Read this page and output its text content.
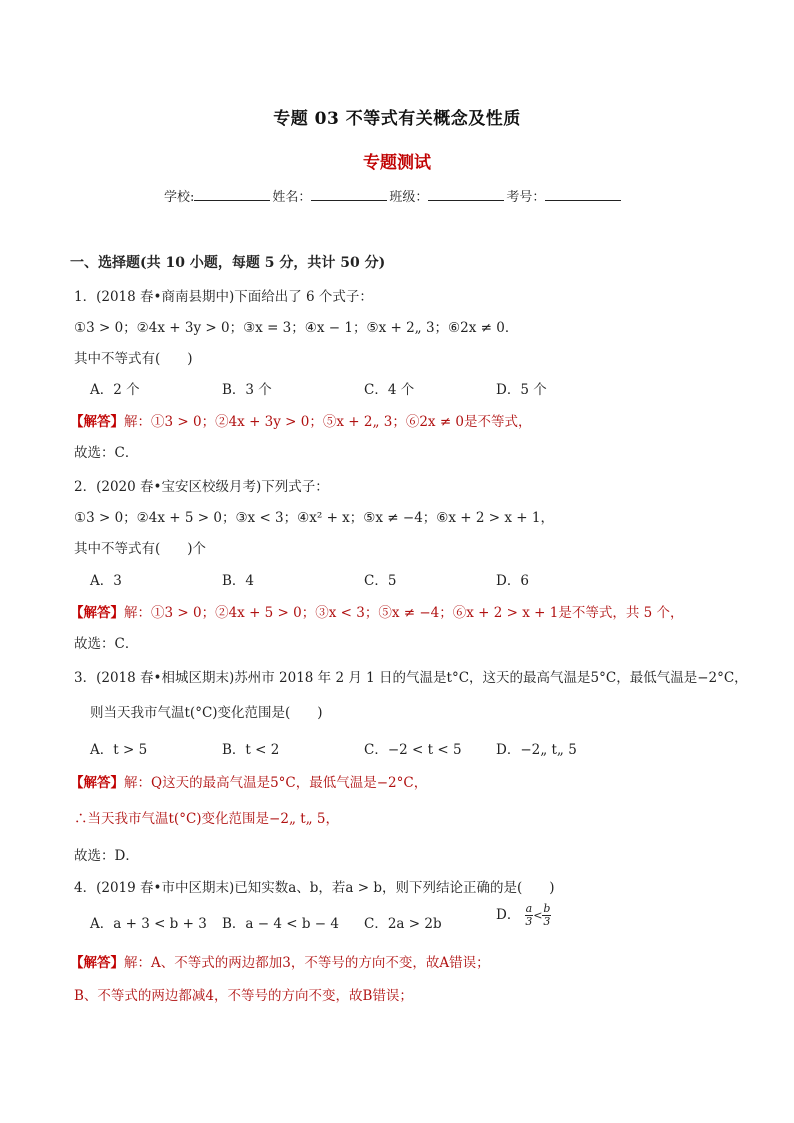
专题 03 不等式有关概念及性质
专题测试
学校:	姓名：	班级：	考号：
一、选择题(共 10 小题，每题 5 分，共计 50 分)
1．(2018 春•商南县期中)下面给出了 6 个式子：
①3 > 0；②4x + 3y > 0；③x = 3；④x − 1；⑤x + 2„ 3；⑥2x ≠ 0．
其中不等式有(　　)
A．2 个	B．3 个	C．4 个	D．5 个
【解答】解：①3 > 0；②4x + 3y > 0；⑤x + 2„ 3；⑥2x ≠ 0是不等式，
故选：C．
2．(2020 春•宝安区校级月考)下列式子：
①3 > 0；②4x + 5 > 0；③x < 3；④x² + x；⑤x ≠ −4；⑥x + 2 > x + 1，
其中不等式有(　　)个
A．3	B．4	C．5	D．6
【解答】解：①3 > 0；②4x + 5 > 0；③x < 3；⑤x ≠ −4；⑥x + 2 > x + 1是不等式，共 5 个，
故选：C．
3．(2018 春•相城区期末)苏州市 2018 年 2 月 1 日的气温是t°C，这天的最高气温是5°C，最低气温是−2°C，
则当天我市气温t(°C)变化范围是(　　)
A．t > 5	B．t < 2	C．−2 < t < 5	D．−2„ t„ 5
【解答】解：Q这天的最高气温是5°C，最低气温是−2°C，
∴当天我市气温t(°C)变化范围是−2„ t„ 5，
故选：D．
4．(2019 春•市中区期末)已知实数a、b，若a > b，则下列结论正确的是(　　)
A．a + 3 < b + 3 B．a − 4 < b − 4 C．2a > 2b
D． $\frac{a}{3} < \frac{b}{3}$
【解答】解：A、不等式的两边都加3，不等号的方向不变，故A错误；
B、不等式的两边都减4，不等号的方向不变，故B错误；
